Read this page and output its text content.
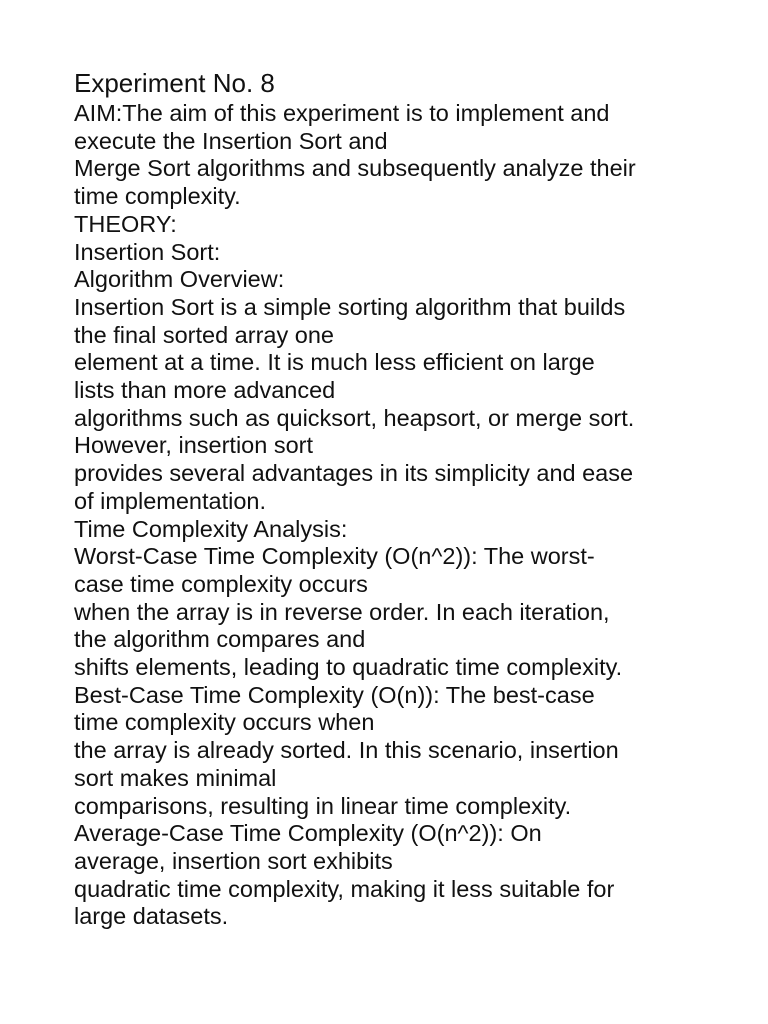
Experiment No. 8
AIM:The aim of this experiment is to implement and
execute the Insertion Sort and
Merge Sort algorithms and subsequently analyze their
time complexity.
THEORY:
Insertion Sort:
Algorithm Overview:
Insertion Sort is a simple sorting algorithm that builds
the final sorted array one
element at a time. It is much less efficient on large
lists than more advanced
algorithms such as quicksort, heapsort, or merge sort.
However, insertion sort
provides several advantages in its simplicity and ease
of implementation.
Time Complexity Analysis:
Worst-Case Time Complexity (O(n^2)): The worst-
case time complexity occurs
when the array is in reverse order. In each iteration,
the algorithm compares and
shifts elements, leading to quadratic time complexity.
Best-Case Time Complexity (O(n)): The best-case
time complexity occurs when
the array is already sorted. In this scenario, insertion
sort makes minimal
comparisons, resulting in linear time complexity.
Average-Case Time Complexity (O(n^2)): On
average, insertion sort exhibits
quadratic time complexity, making it less suitable for
large datasets.
